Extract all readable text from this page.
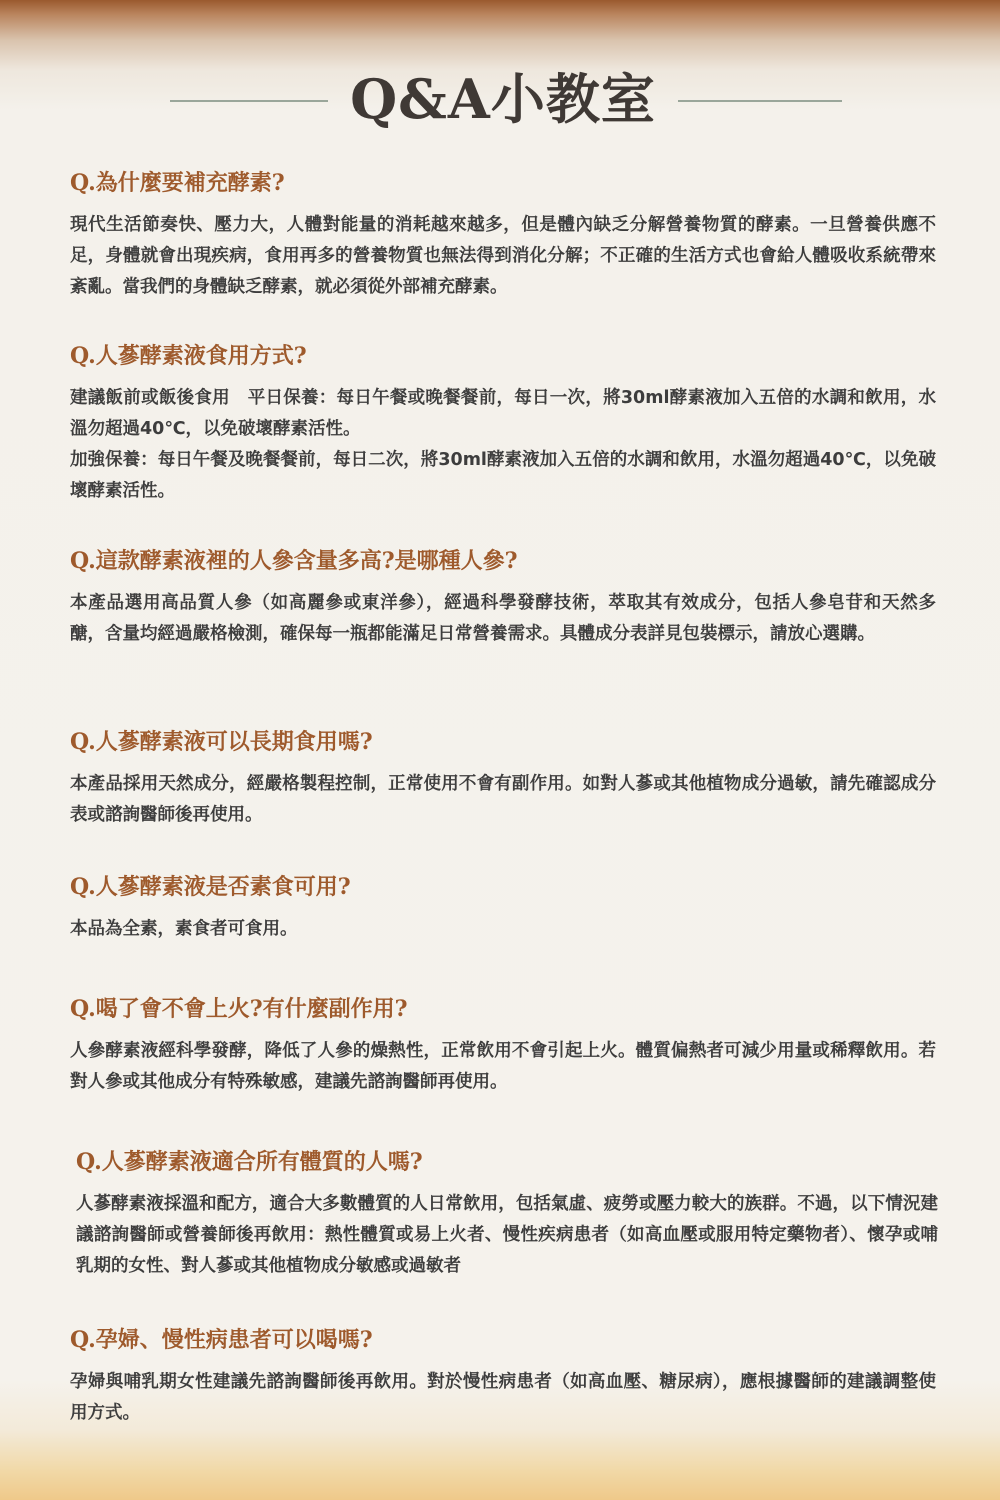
Q&A小教室
Q.為什麼要補充酵素?

現代生活節奏快、壓力大，人體對能量的消耗越來越多，但是體內缺乏分解營養物質的酵素。一旦營養供應不足，身體就會出現疾病，食用再多的營養物質也無法得到消化分解；不正確的生活方式也會給人體吸收系統帶來紊亂。當我們的身體缺乏酵素，就必須從外部補充酵素。

Q.人蔘酵素液食用方式?

建議飯前或飯後食用　平日保養：每日午餐或晚餐餐前，每日一次，將30ml酵素液加入五倍的水調和飲用，水溫勿超過40℃，以免破壞酵素活性。

加強保養：每日午餐及晚餐餐前，每日二次，將30ml酵素液加入五倍的水調和飲用，水溫勿超過40℃，以免破壞酵素活性。

Q.這款酵素液裡的人參含量多高?是哪種人參?

本產品選用高品質人參（如高麗參或東洋參），經過科學發酵技術，萃取其有效成分，包括人參皂苷和天然多醣，含量均經過嚴格檢測，確保每一瓶都能滿足日常營養需求。具體成分表詳見包裝標示，請放心選購。

Q.人蔘酵素液可以長期食用嗎?

本產品採用天然成分，經嚴格製程控制，正常使用不會有副作用。如對人蔘或其他植物成分過敏，請先確認成分表或諮詢醫師後再使用。

Q.人蔘酵素液是否素食可用?

本品為全素，素食者可食用。

Q.喝了會不會上火?有什麼副作用?

人參酵素液經科學發酵，降低了人參的燥熱性，正常飲用不會引起上火。體質偏熱者可減少用量或稀釋飲用。若對人參或其他成分有特殊敏感，建議先諮詢醫師再使用。

Q.人蔘酵素液適合所有體質的人嗎?

人蔘酵素液採溫和配方，適合大多數體質的人日常飲用，包括氣虛、疲勞或壓力較大的族群。不過，以下情況建議諮詢醫師或營養師後再飲用：熱性體質或易上火者、慢性疾病患者（如高血壓或服用特定藥物者）、懷孕或哺乳期的女性、對人蔘或其他植物成分敏感或過敏者

Q.孕婦、慢性病患者可以喝嗎?

孕婦與哺乳期女性建議先諮詢醫師後再飲用。對於慢性病患者（如高血壓、糖尿病），應根據醫師的建議調整使用方式。
